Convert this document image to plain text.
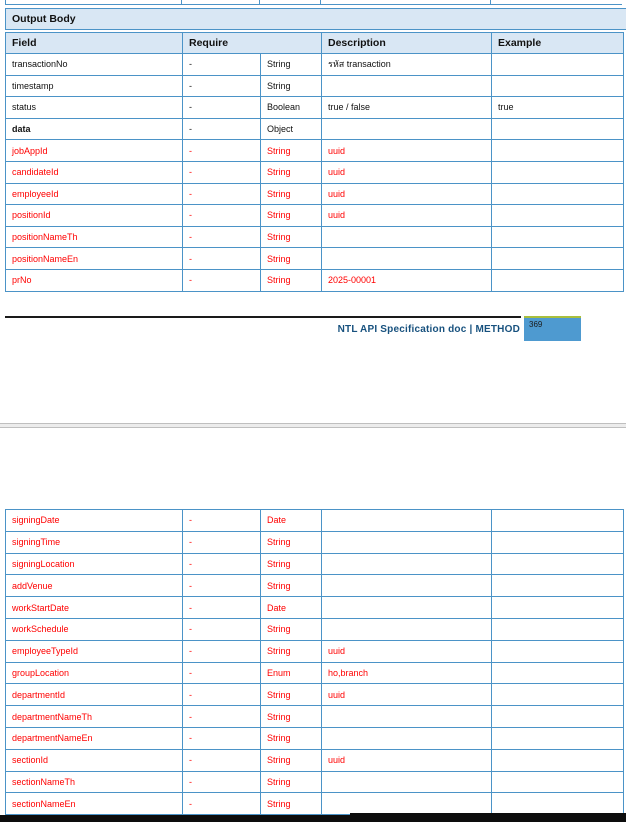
Output Body
Field	Require	Description	Example
transactionNo	-	String	รหัส transaction
timestamp	-	String
status	-	Boolean	true / false	true
data	-	Object
jobAppId	-	String	uuid
candidateId	-	String	uuid
employeeId	-	String	uuid
positionId	-	String	uuid
positionNameTh	-	String
positionNameEn	-	String
prNo	-	String	2025-00001
NTL API Specification doc | METHOD	369
signingDate	-	Date
signingTime	-	String
signingLocation	-	String
addVenue	-	String
workStartDate	-	Date
workSchedule	-	String
employeeTypeId	-	String	uuid
groupLocation	-	Enum	ho,branch
departmentId	-	String	uuid
departmentNameTh	-	String
departmentNameEn	-	String
sectionId	-	String	uuid
sectionNameTh	-	String
sectionNameEn	-	String
